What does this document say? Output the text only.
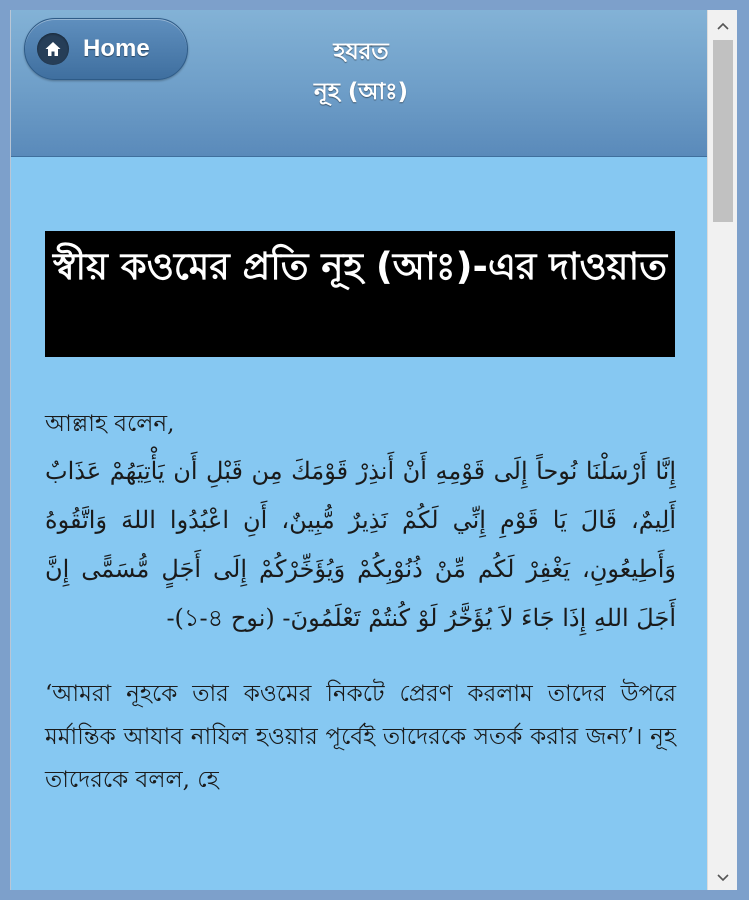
Home	হযরত
নূহ (আঃ)
স্বীয় কওমের প্রতি নূহ (আঃ)-এর দাওয়াত
আল্লাহ বলেন,
إِنَّا أَرْسَلْنَا نُوحاً إِلَى قَوْمِهِ أَنْ أَنذِرْ قَوْمَكَ مِن قَبْلِ أَن يَأْتِيَهُمْ عَذَابٌ أَلِيمٌ، قَالَ يَا قَوْمِ إِنِّي لَكُمْ نَذِيرٌ مُّبِينٌ، أَنِ اعْبُدُوا اللهَ وَاتَّقُوهُ وَأَطِيعُونِ، يَغْفِرْ لَكُم مِّنْ ذُنُوْبِكُمْ وَيُؤَخِّرْكُمْ إِلَى أَجَلٍ مُّسَمًّى إِنَّ أَجَلَ اللهِ إِذَا جَاءَ لاَ يُؤَخَّرُ لَوْ كُنتُمْ تَعْلَمُونَ- (نوح ১-৪)-
‘আমরা নূহকে তার কওমের নিকটে প্রেরণ করলাম তাদের উপরে মর্মান্তিক আযাব নাযিল হওয়ার পূর্বেই তাদেরকে সতর্ক করার জন্য’। নূহ তাদেরকে বলল, হে
